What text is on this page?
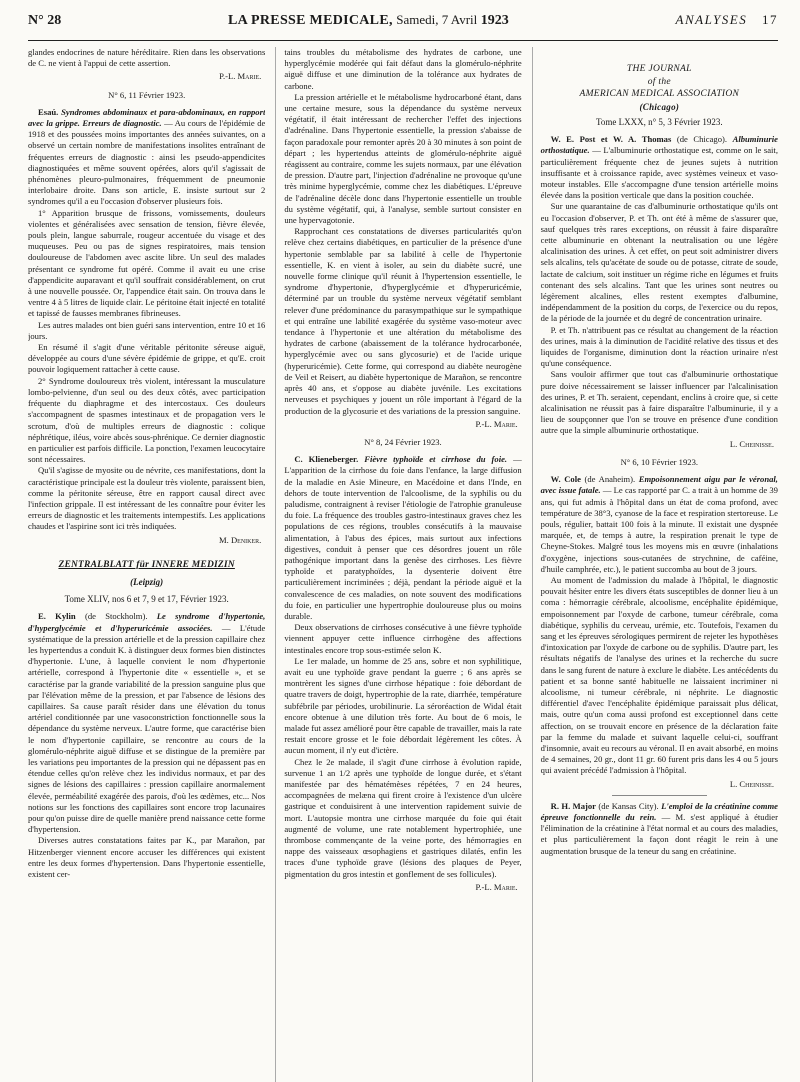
N° 28	LA PRESSE MEDICALE, Samedi, 7 Avril 1923	ANALYSES 17

glandes endocrines de nature héréditaire. Rien dans les observations de C. ne vient à l'appui de cette assertion.

P.-L. Marie.
N° 6, 11 Février 1923.

Esaú. Syndromes abdominaux et para-abdominaux, en rapport avec la grippe. Erreurs de diagnostic. — Au cours de l'épidémie de 1918 et des poussées moins importantes des années suivantes, on a observé un certain nombre de manifestations insolites entraînant de fréquentes erreurs de diagnostic : ainsi les pseudo-appendicites diagnostiquées et même souvent opérées, alors qu'il s'agissait de phénomènes pleuro-pulmonaires, fréquemment de pneumonie interlobaire droite. Dans son article, E. insiste surtout sur 2 syndromes qu'il a eu l'occasion d'observer plusieurs fois.

1° Apparition brusque de frissons, vomissements, douleurs violentes et généralisées avec sensation de tension, fièvre élevée, pouls plein, langue saburrale, rougeur accentuée du visage et des muqueuses. Peu ou pas de signes respiratoires, mais tension douloureuse de l'abdomen avec ascite libre. Un seul des malades présentant ce syndrome fut opéré. Comme il avait eu une crise d'appendicite auparavant et qu'il souffrait considérablement, on crut à une nouvelle poussée. Or, l'appendice était sain. On trouva dans le ventre 4 à 5 litres de liquide clair. Le péritoine était injecté en totalité et tapissé de fausses membranes fibrineuses.

Les autres malades ont bien guéri sans intervention, entre 10 et 16 jours.

En résumé il s'agit d'une véritable péritonite séreuse aiguë, développée au cours d'une sévère épidémie de grippe, et qu'E. croit pouvoir logiquement rattacher à cette cause.

2° Syndrome douloureux très violent, intéressant la musculature lombo-pelvienne, d'un seul ou des deux côtés, avec participation fréquente du diaphragme et des intercostaux. Ces douleurs s'accompagnent de spasmes intestinaux et de propagation vers le scrotum, d'où de multiples erreurs de diagnostic : colique néphrétique, iléus, voire abcès sous-phrénique. Ce dernier diagnostic en particulier est parfois difficile. La ponction, l'examen leucocytaire sont nécessaires.

Qu'il s'agisse de myosite ou de névrite, ces manifestations, dont la caractéristique principale est la douleur très violente, paraissent bien, comme la péritonite séreuse, être en rapport causal direct avec l'infection grippale. Il est intéressant de les connaître pour éviter les erreurs de diagnostic et les traitements intempestifs. Les applications chaudes et l'aspirine sont ici très indiquées.

M. Deniker.
ZENTRALBLATT für INNERE MEDIZIN
(Leipzig)
Tome XLIV, nos 6 et 7, 9 et 17, Février 1923.

E. Kylin (de Stockholm). Le syndrome d'hypertonie, d'hyperglycémie et d'hyperuricémie associées. — L'étude systématique de la pression artérielle et de la pression capillaire chez les hypertendus a conduit K. à distinguer deux formes bien distinctes d'hypertonie. L'une, à laquelle convient le nom d'hypertonie artérielle, correspond à l'hypertonie dite « essentielle », et se caractérise par la grande variabilité de la pression sanguine plus que par l'élévation même de la pression, et par l'absence de lésions des capillaires. Sa cause paraît résider dans une élévation du tonus artériel conditionnée par une vasoconstriction fonctionnelle sous la dépendance du système nerveux. L'autre forme, que caractérise bien le nom d'hypertonie capillaire, se rencontre au cours de la glomérulo-néphrite aiguë diffuse et se distingue de la première par les variations peu importantes de la pression qui ne dépassent pas en étendue celles qu'on relève chez les individus normaux, et par des signes de lésions des capillaires : pression capillaire anormalement élevée, perméabilité exagérée des parois, d'où les œdèmes, etc... Nos notions sur les fonctions des capillaires sont encore trop lacunaires pour qu'on puisse dire de quelle manière prend naissance cette forme d'hypertension.

Diverses autres constatations faites par K., par Marañon, par Hitzenberger viennent encore accuser les différences qui existent entre les deux formes d'hypertension. Dans l'hypertonie essentielle, existent cer-

tains troubles du métabolisme des hydrates de carbone, une hyperglycémie modérée qui fait défaut dans la glomérulo-néphrite aiguë diffuse et une diminution de la tolérance aux hydrates de carbone.

La pression artérielle et le métabolisme hydrocarboné étant, dans une certaine mesure, sous la dépendance du système nerveux végétatif, il était intéressant de rechercher l'effet des injections d'adrénaline. Dans l'hypertonie essentielle, la pression s'abaisse de façon paradoxale pour remonter après 20 à 30 minutes à son point de départ ; les hypertendus atteints de glomérulo-néphrite aiguë réagissent au contraire, comme les sujets normaux, par une élévation de pression. D'autre part, l'injection d'adrénaline ne provoque qu'une très minime hyperglycémie, comme chez les diabétiques. L'épreuve de l'adrénaline décèle donc dans l'hypertonie essentielle un trouble du système végétatif, qui, à l'analyse, semble surtout consister en une hypervagotonie.

Rapprochant ces constatations de diverses particularités qu'on relève chez certains diabétiques, en particulier de la présence d'une hypertonie semblable par sa labilité à celle de l'hypertonie essentielle, K. en vient à isoler, au sein du diabète sucré, une nouvelle forme clinique qu'il réunit à l'hypertension essentielle, le syndrome d'hypertonie, d'hyperglycémie et d'hyperuricémie, déterminé par un trouble du système nerveux végétatif semblant relever d'une prédominance du parasympathique sur le sympathique et qui entraîne une labilité exagérée du système vaso-moteur avec tendance à l'hypertonie et une altération du métabolisme des hydrates de carbone (abaissement de la tolérance hydrocarbonée, hyperglycémie avec ou sans glycosurie) et de l'acide urique (hyperuricémie). Cette forme, qui correspond au diabète neurogène de Veil et Reisert, au diabète hypertonique de Marañon, se rencontre après 40 ans, et s'oppose au diabète juvénile. Les excitations nerveuses et psychiques y jouent un rôle important à l'égard de la production de la glycosurie et des variations de la pression sanguine.

P.-L. Marie.
N° 8, 24 Février 1923.

C. Klieneberger. Fièvre typhoïde et cirrhose du foie. — L'apparition de la cirrhose du foie dans l'enfance, la large diffusion de la maladie en Asie Mineure, en Macédoine et dans l'Inde, en dehors de toute intervention de l'alcoolisme, de la syphilis ou du paludisme, contraignent à reviser l'étiologie de l'atrophie granuleuse du foie. La fréquence des troubles gastro-intestinaux graves chez les populations de ces régions, troubles consécutifs à la mauvaise alimentation, à l'abus des épices, mais surtout aux infections digestives, conduit à penser que ces désordres jouent un rôle pathogénique important dans la genèse des cirrhoses. Les fièvre typhoïde et paratyphoïdes, la dysenterie doivent être particulièrement incriminées ; déjà, pendant la période aiguë et la convalescence de ces maladies, on note souvent des modifications du foie, en particulier une hypertrophie douloureuse plus ou moins durable.

Deux observations de cirrhoses consécutive à une fièvre typhoïde viennent appuyer cette influence cirrhogène des affections intestinales encore trop sous-estimée selon K.

Le 1er malade, un homme de 25 ans, sobre et non syphilitique, avait eu une typhoïde grave pendant la guerre ; 6 ans après se montrèrent les signes d'une cirrhose hépatique : foie débordant de quatre travers de doigt, hypertrophie de la rate, diarrhée, température subfébrile par périodes, urobilinurie. La séroréaction de Widal était encore obtenue à une dilution très forte. Au bout de 6 mois, le malade fut assez amélioré pour être capable de travailler, mais la rate restait encore grosse et le foie débordait légèrement les côtes. À aucun moment, il n'y eut d'ictère.

Chez le 2e malade, il s'agit d'une cirrhose à évolution rapide, survenue 1 an 1/2 après une typhoïde de longue durée, et s'étant manifestée par des hématémèses répétées, 7 en 24 heures, accompagnées de melæna qui firent croire à l'existence d'un ulcère gastrique et conduisirent à une intervention rapidement suivie de mort. L'autopsie montra une cirrhose marquée du foie qui était augmenté de volume, une rate notablement hypertrophiée, une thrombose commençante de la veine porte, des hémorragies en nappe des vaisseaux œsophagiens et gastriques dilatés, enfin les traces d'une typhoïde grave (lésions des plaques de Peyer, pigmentation du gros intestin et gonflement de ses follicules).

P.-L. Marie.
THE JOURNAL
of the
AMERICAN MEDICAL ASSOCIATION
(Chicago)
Tome LXXX, n° 5, 3 Février 1923.

W. E. Post et W. A. Thomas (de Chicago). Albuminurie orthostatique. — L'albuminurie orthostatique est, comme on le sait, particulièrement fréquente chez de jeunes sujets à nutrition insuffisante et à croissance rapide, avec systèmes veineux et vaso-moteur instables. Elle s'accompagne d'une tension artérielle moins élevée dans la position verticale que dans la position couchée.

Sur une quarantaine de cas d'albuminurie orthostatique qu'ils ont eu l'occasion d'observer, P. et Th. ont été à même de s'assurer que, sauf quelques très rares exceptions, on réussit à faire disparaître cette albuminurie en obtenant la neutralisation ou une légère alcalinisation des urines. À cet effet, on peut soit administrer divers sels alcalins, tels qu'acétate de soude ou de potasse, citrate de soude, lactate de calcium, soit instituer un régime riche en légumes et fruits contenant des sels alcalins. Tant que les urines sont neutres ou légèrement alcalines, elles restent exemptes d'albumine, indépendamment de la position du corps, de l'exercice ou du repos, de la période de la journée et du degré de concentration urinaire.

P. et Th. n'attribuent pas ce résultat au changement de la réaction des urines, mais à la diminution de l'acidité relative des tissus et des liquides de l'organisme, diminution dont la réaction urinaire n'est qu'une conséquence.

Sans vouloir affirmer que tout cas d'albuminurie orthostatique pure doive nécessairement se laisser influencer par l'alcalinisation des urines, P. et Th. seraient, cependant, enclins à croire que, si cette alcalinisation ne réussit pas à faire disparaître l'albuminurie, il y a lieu de soupçonner que l'on se trouve en présence d'une condition autre que la simple albuminurie orthostatique.

L. Cheinisse.
N° 6, 10 Février 1923.

W. Cole (de Anaheim). Empoisonnement aigu par le véronal, avec issue fatale. — Le cas rapporté par C. a trait à un homme de 39 ans, qui fut admis à l'hôpital dans un état de coma profond, avec température de 38°3, cyanose de la face et respiration stertoreuse. Le pouls, régulier, battait 100 fois à la minute. Il existait une dyspnée marquée, et, de temps à autre, la respiration prenait le type de Cheyne-Stokes. Malgré tous les moyens mis en œuvre (inhalations d'oxygène, injections sous-cutanées de strychnine, de caféine, d'huile camphrée, etc.), le patient succomba au bout de 3 jours.

Au moment de l'admission du malade à l'hôpital, le diagnostic pouvait hésiter entre les divers états susceptibles de donner lieu à un coma : hémorragie cérébrale, alcoolisme, encéphalite épidémique, empoisonnement par l'oxyde de carbone, tumeur cérébrale, coma diabétique, syphilis du cerveau, urémie, etc. Toutefois, l'examen du sang et les épreuves sérologiques permirent de rejeter les hypothèses d'intoxication par l'oxyde de carbone ou de syphilis. D'autre part, les résultats négatifs de l'analyse des urines et la recherche du sucre dans le sang furent de nature à exclure le diabète. Les antécédents du patient et sa bonne santé habituelle ne laissaient incriminer ni alcoolisme, ni tumeur cérébrale, ni néphrite. Le diagnostic différentiel d'avec l'encéphalite épidémique paraissait plus délicat, mais, outre qu'un coma aussi profond est exceptionnel dans cette affection, on se trouvait encore en présence de la déclaration faite par la femme du malade et suivant laquelle celui-ci, souffrant d'insomnie, avait eu recours au véronal. Il en avait absorbé, en moins de 4 semaines, 20 gr., dont 11 gr. 60 furent pris dans les 4 ou 5 jours qui avaient précédé l'admission à l'hôpital.

L. Cheinisse.

R. H. Major (de Kansas City). L'emploi de la créatinine comme épreuve fonctionnelle du rein. — M. s'est appliqué à étudier l'élimination de la créatinine à l'état normal et au cours des maladies, et plus particulièrement la façon dont réagit le rein à une augmentation brusque de la teneur du sang en créatinine.
